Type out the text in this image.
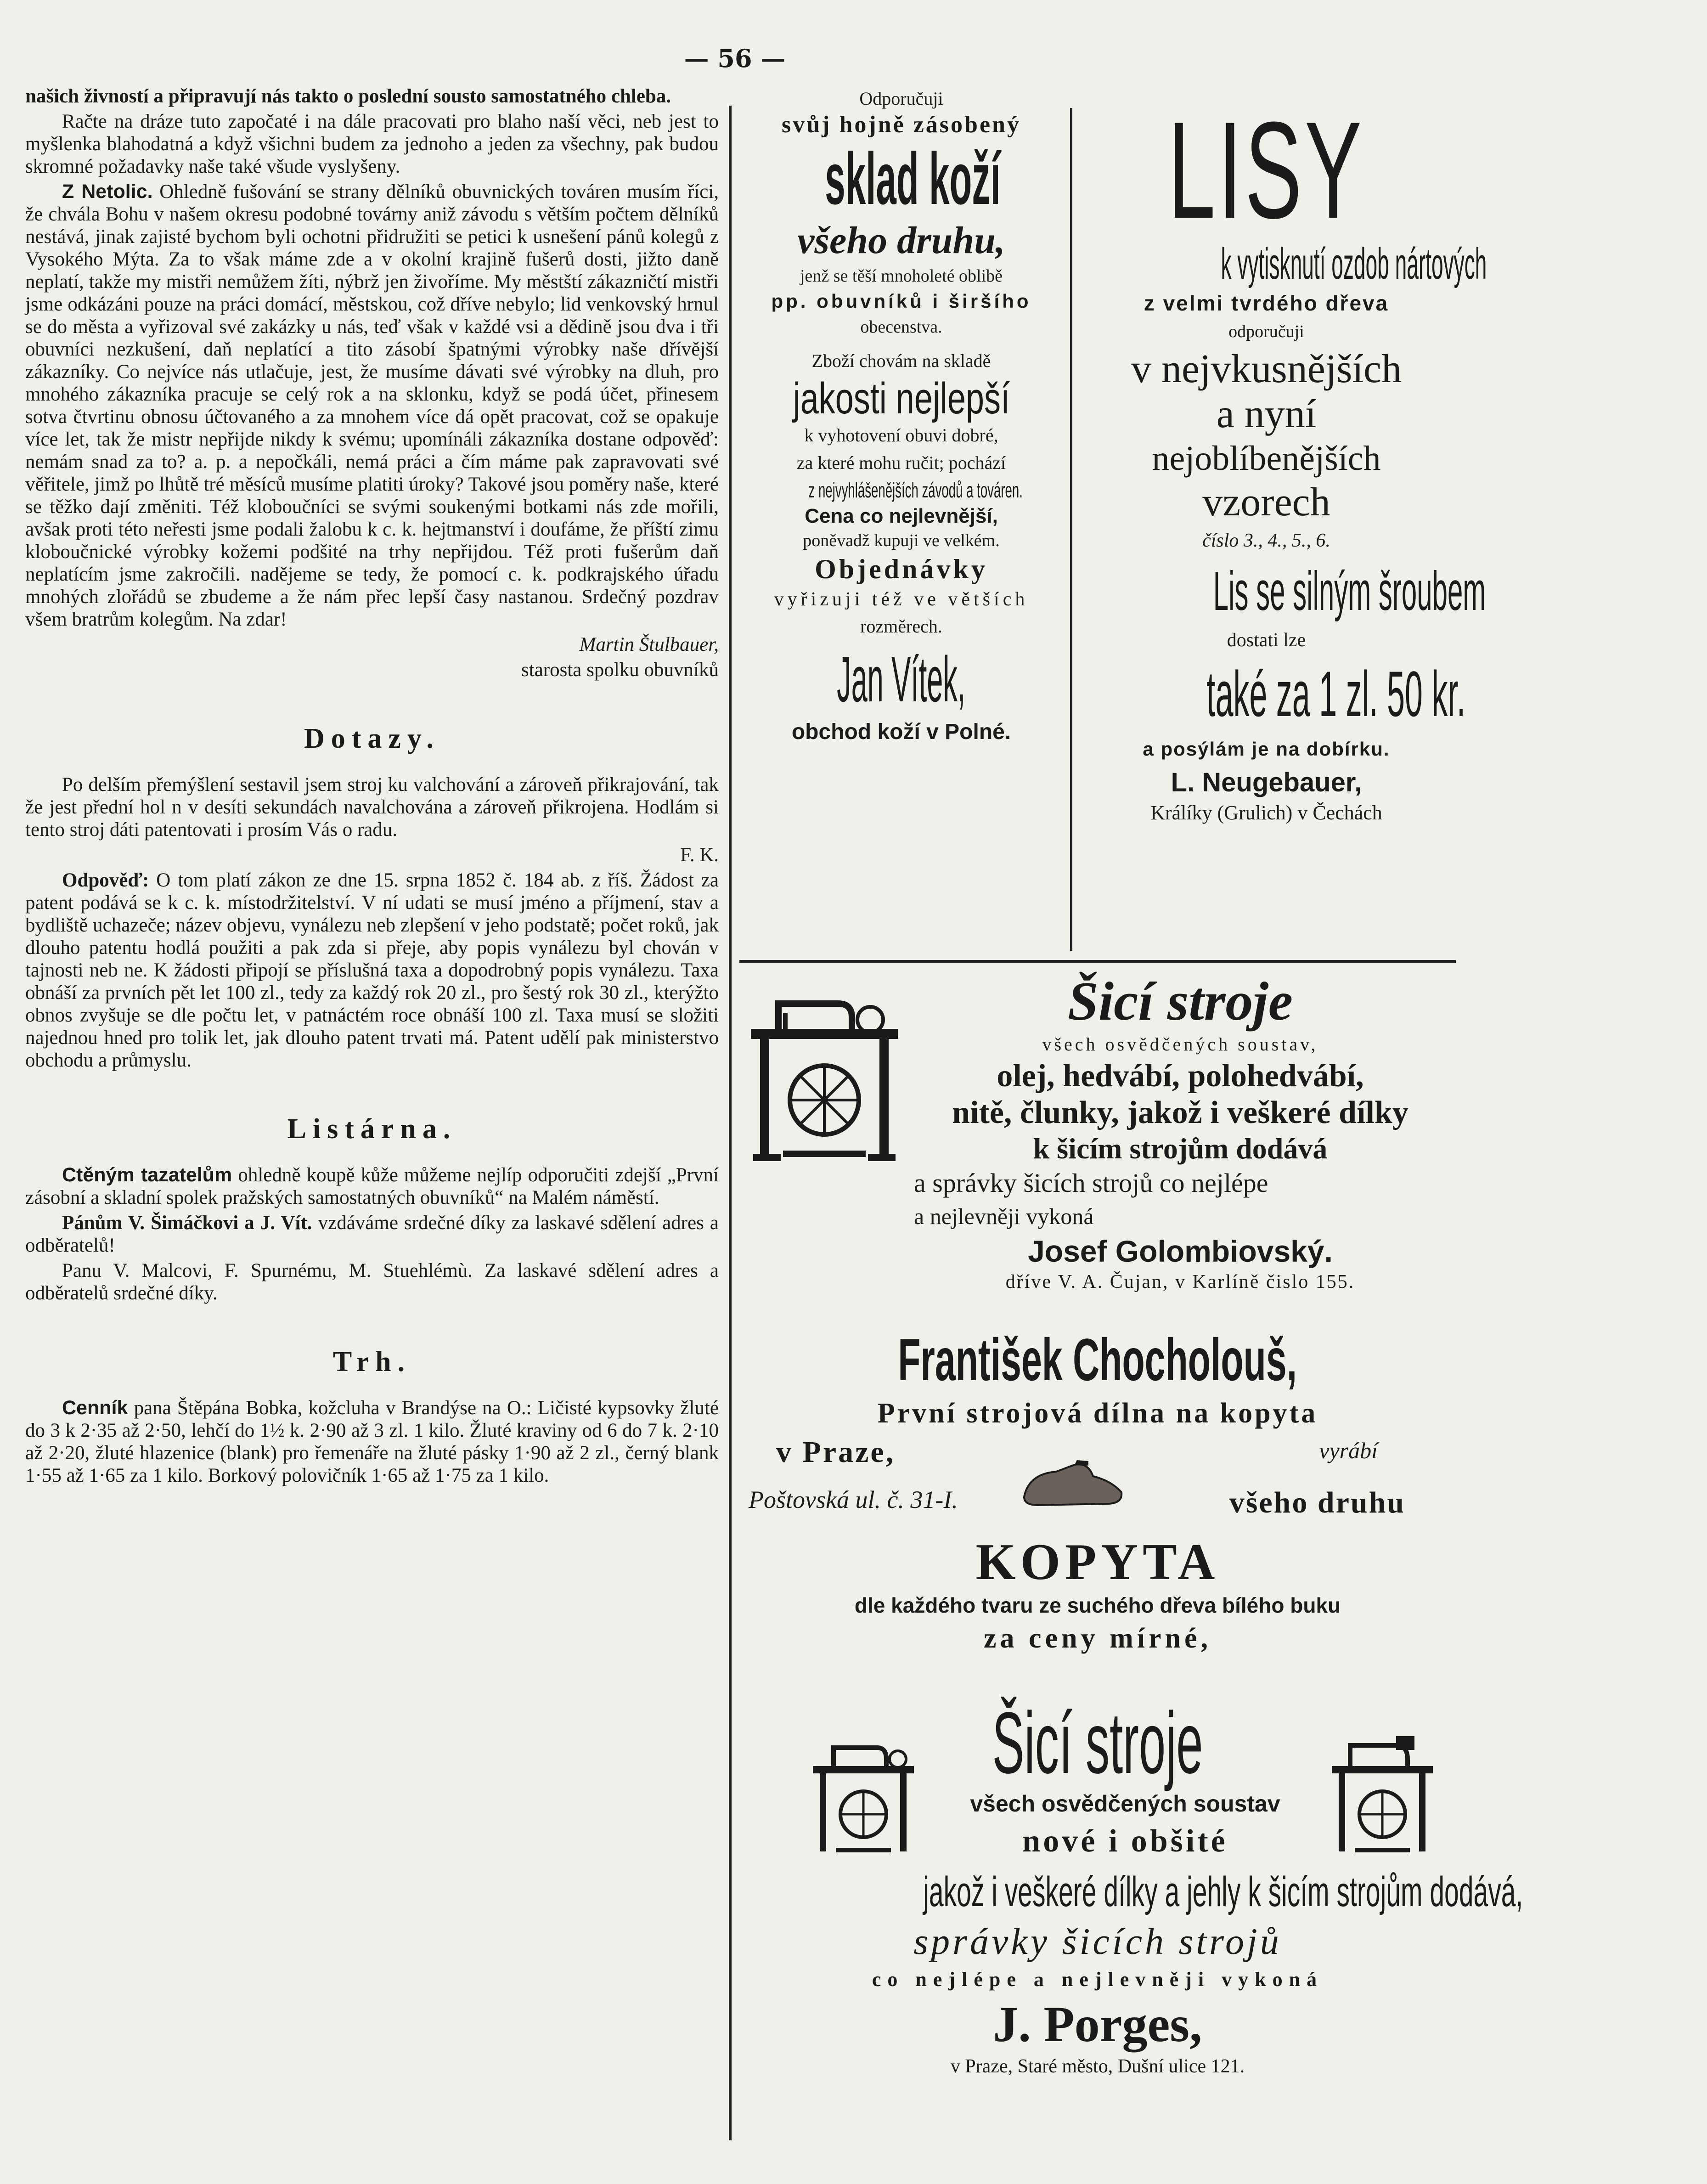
— 56 —

našich živností a připravují nás takto o poslední sousto samostatného chleba.

Račte na dráze tuto započaté i na dále pracovati pro blaho naší věci, neb jest to myšlenka blahodatná a když všichni budem za jednoho a jeden za všechny, pak budou skromné požadavky naše také všude vyslyšeny.

Z Netolic. Ohledně fušování se strany dělníků obuvnických továren musím říci, že chvála Bohu v našem okresu podobné továrny aniž závodu s větším počtem dělníků nestává, jinak zajisté bychom byli ochotni přidružiti se petici k usnešení pánů kolegů z Vysokého Mýta. Za to však máme zde a v okolní krajině fušerů dosti, jižto daně neplatí, takže my mistři nemůžem žíti, nýbrž jen živoříme. My městští zákazničtí mistři jsme odkázáni pouze na práci domácí, městskou, což dříve nebylo; lid venkovský hrnul se do města a vyřizoval své zakázky u nás, teď však v každé vsi a dědině jsou dva i tři obuvníci nezkušení, daň neplatící a tito zásobí špatnými výrobky naše dřívější zákazníky. Co nejvíce nás utlačuje, jest, že musíme dávati své výrobky na dluh, pro mnohého zákazníka pracuje se celý rok a na sklonku, když se podá účet, přinesem sotva čtvrtinu obnosu účtovaného a za mnohem více dá opět pracovat, což se opakuje více let, tak že mistr nepřijde nikdy k svému; upomínáli zákazníka dostane odpověď: nemám snad za to? a. p. a nepočkáli, nemá práci a čím máme pak zapravovati své věřitele, jimž po lhůtě tré měsíců musíme platiti úroky? Takové jsou poměry naše, které se těžko dají změniti. Též kloboučníci se svými soukenými botkami nás zde mořili, avšak proti této neřesti jsme podali žalobu k c. k. hejtmanství i doufáme, že příští zimu kloboučnické výrobky kožemi podšité na trhy nepřijdou. Též proti fušerům daň neplatícím jsme zakročili. nadějeme se tedy, že pomocí c. k. podkrajského úřadu mnohých zlořádů se zbudeme a že nám přec lepší časy nastanou. Srdečný pozdrav všem bratrům kolegům. Na zdar!

Martin Štulbauer,

starosta spolku obuvníků

Dotazy.

Po delším přemýšlení sestavil jsem stroj ku valchování a zároveň přikrajování, tak že jest přední hol n v desíti sekundách navalchována a zároveň přikrojena. Hodlám si tento stroj dáti patentovati i prosím Vás o radu.

F. K.

Odpověď: O tom platí zákon ze dne 15. srpna 1852 č. 184 ab. z říš. Žádost za patent podává se k c. k. místodržitelství. V ní udati se musí jméno a příjmení, stav a bydliště uchazeče; název objevu, vynálezu neb zlepšení v jeho podstatě; počet roků, jak dlouho patentu hodlá použiti a pak zda si přeje, aby popis vynálezu byl chován v tajnosti neb ne. K žádosti připojí se příslušná taxa a dopodrobný popis vynálezu. Taxa obnáší za prvních pět let 100 zl., tedy za každý rok 20 zl., pro šestý rok 30 zl., kterýžto obnos zvyšuje se dle počtu let, v patnáctém roce obnáší 100 zl. Taxa musí se složiti najednou hned pro tolik let, jak dlouho patent trvati má. Patent udělí pak ministerstvo obchodu a průmyslu.

Listárna.

Ctěným tazatelům ohledně koupě kůže můžeme nejlíp odporučiti zdejší „První zásobní a skladní spolek pražských samostatných obuvníků“ na Malém náměstí.

Pánům V. Šimáčkovi a J. Vít. vzdáváme srdečné díky za laskavé sdělení adres a odběratelů!

Panu V. Malcovi, F. Spurnému, M. Stuehlémù. Za laskavé sdělení adres a odběratelů srdečné díky.

Trh.

Cenník pana Štěpána Bobka, kožcluha v Brandýse na O.: Ličisté kypsovky žluté do 3 k 2·35 až 2·50, lehčí do 1½ k. 2·90 až 3 zl. 1 kilo. Žluté kraviny od 6 do 7 k. 2·10 až 2·20, žluté hlazenice (blank) pro řemenáře na žluté pásky 1·90 až 2 zl., černý blank 1·55 až 1·65 za 1 kilo. Borkový polovičník 1·65 až 1·75 za 1 kilo.

Odporučuji
svůj hojně zásobený
sklad koží
všeho druhu,
jenž se těší mnoholeté oblibě
pp. obuvníků i širšího
obecenstva.
Zboží chovám na skladě
jakosti nejlepší
k vyhotovení obuvi dobré,
za které mohu ručit; pochází
z nejvyhlášenějších závodů a továren.
Cena co nejlevnější,
poněvadž kupuji ve velkém.
Objednávky
vyřizuji též ve větších
rozměrech.
Jan Vítek,
obchod koží v Polné.
LISY
k vytisknutí ozdob nártových
z velmi tvrdého dřeva
odporučuji
v nejvkusnějších
a nyní
nejoblíbenějších
vzorech
číslo 3., 4., 5., 6.
Lis se silným šroubem
dostati lze
také za 1 zl. 50 kr.
a posýlám je na dobírku.
L. Neugebauer,
Králíky (Grulich) v Čechách
Šicí stroje
všech osvědčených soustav,
olej, hedvábí, polohedvábí,
nitě, člunky, jakož i veškeré dílky
k šicím strojům dodává
a správky šicích strojů co nejlépe
a nejlevněji vykoná
Josef Golombiovský.
dříve V. A. Čujan, v Karlíně čislo 155.
František Chocholouš,
První strojová dílna na kopyta
v Praze,	vyrábí
Poštovská ul. č. 31-I.	všeho druhu
KOPYTA
dle každého tvaru ze suchého dřeva bílého buku
za ceny mírné,
Šicí stroje
všech osvědčených soustav
nové i obšité
jakož i veškeré dílky a jehly k šicím strojům dodává,
správky šicích strojů
co nejlépe a nejlevněji vykoná
J. Porges,
v Praze, Staré město, Dušní ulice 121.
